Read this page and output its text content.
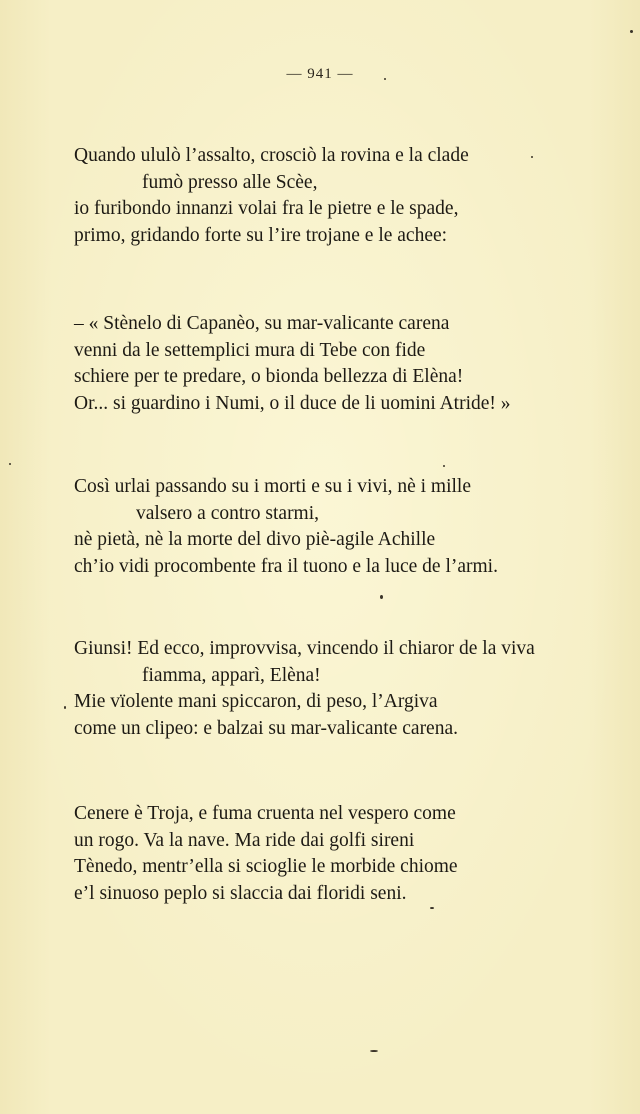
— 941 —
Quando ululò l’assalto, crosciò la rovina e la clade
fumò presso alle Scèe,
io furibondo innanzi volai fra le pietre e le spade,
primo, gridando forte su l’ire trojane e le achee:
– « Stènelo di Capanèo, su mar-valicante carena
venni da le settemplici mura di Tebe con fide
schiere per te predare, o bionda bellezza di Elèna!
Or... si guardino i Numi, o il duce de li uomini Atride! »
Così urlai passando su i morti e su i vivi, nè i mille
valsero a contro starmi,
nè pietà, nè la morte del divo piè-agile Achille
ch’io vidi procombente fra il tuono e la luce de l’armi.
Giunsi! Ed ecco, improvvisa, vincendo il chiaror de la viva
fiamma, apparì, Elèna!
Mie vïolente mani spiccaron, di peso, l’Argiva
come un clipeo: e balzai su mar-valicante carena.
Cenere è Troja, e fuma cruenta nel vespero come
un rogo. Va la nave. Ma ride dai golfi sireni
Tènedo, mentr’ella si scioglie le morbide chiome
e’l sinuoso peplo si slaccia dai floridi seni.
